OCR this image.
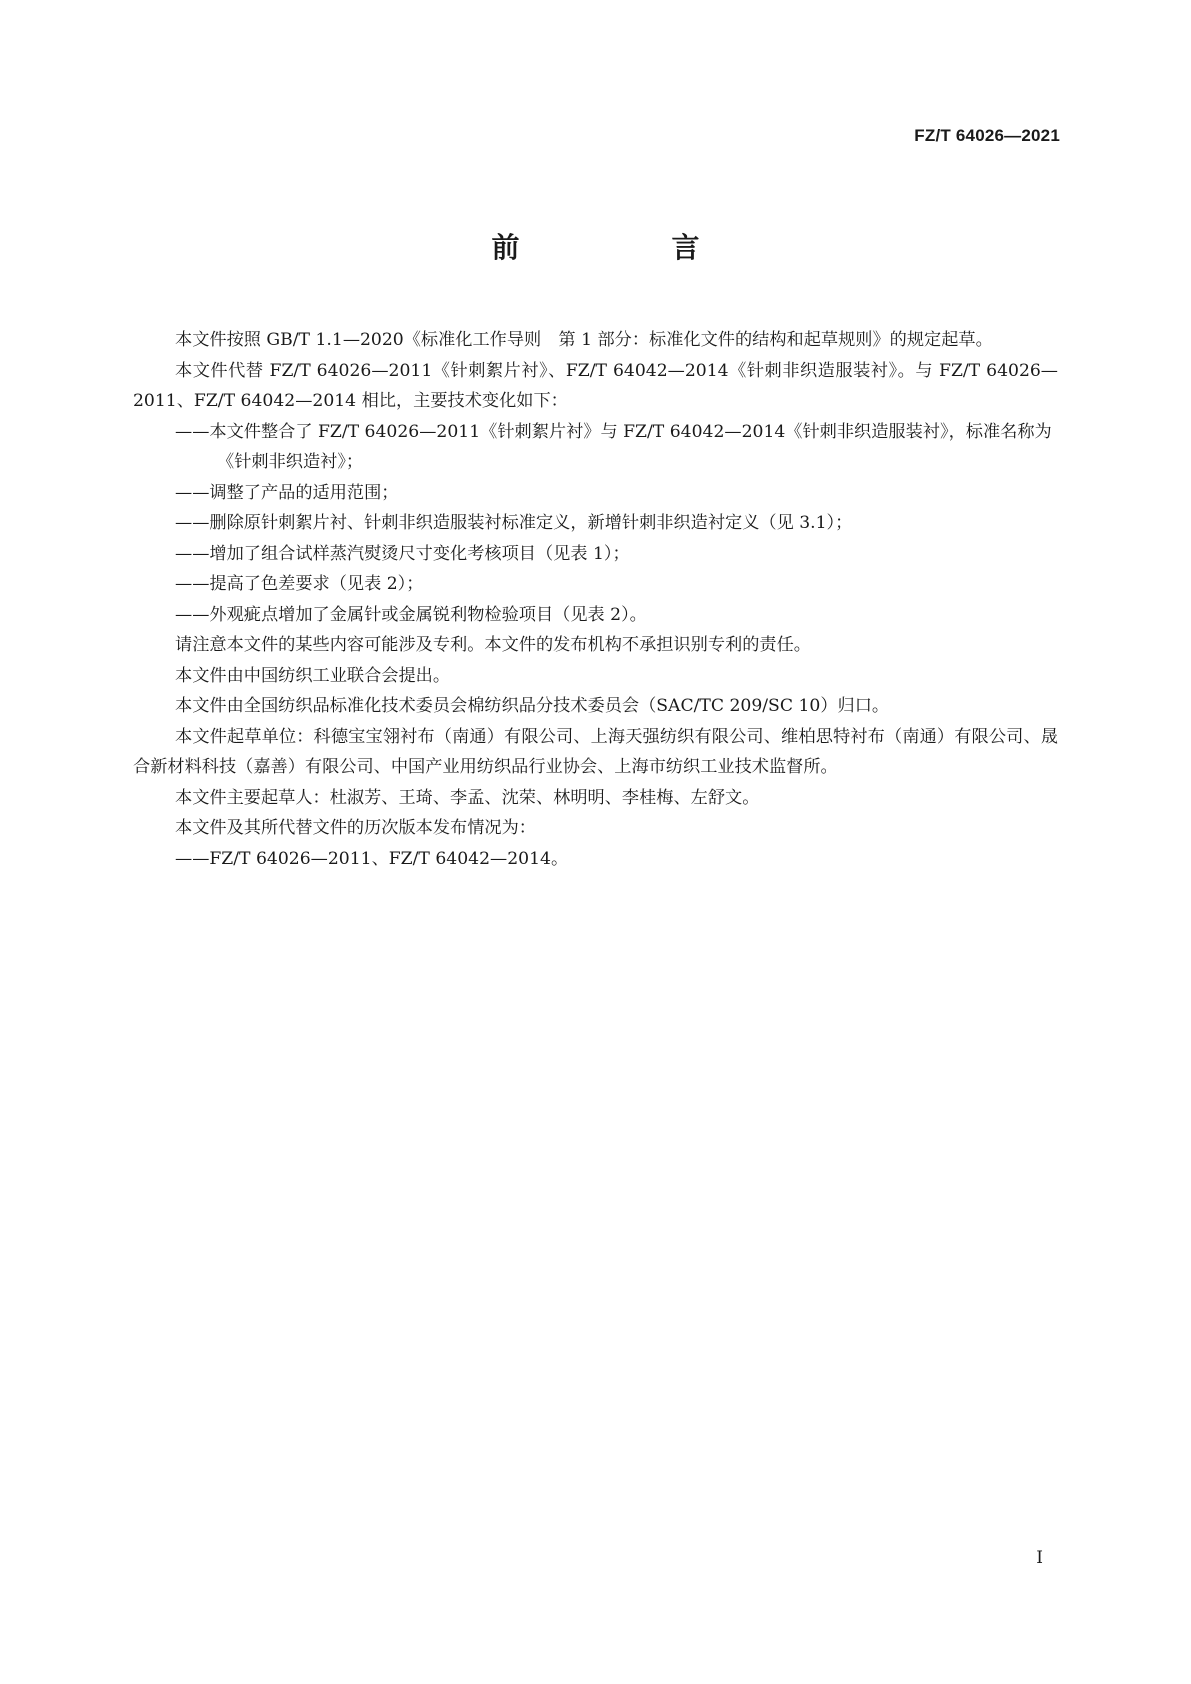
FZ/T 64026—2021
前　言

本文件按照 GB/T 1.1—2020《标准化工作导则　第 1 部分：标准化文件的结构和起草规则》的规定起草。

本文件代替 FZ/T 64026—2011《针刺絮片衬》、FZ/T 64042—2014《针刺非织造服装衬》。与 FZ/T 64026—2011、FZ/T 64042—2014 相比，主要技术变化如下：

——本文件整合了 FZ/T 64026—2011《针刺絮片衬》与 FZ/T 64042—2014《针刺非织造服装衬》，标准名称为《针刺非织造衬》；

——调整了产品的适用范围；

——删除原针刺絮片衬、针刺非织造服装衬标准定义，新增针刺非织造衬定义（见 3.1）；

——增加了组合试样蒸汽熨烫尺寸变化考核项目（见表 1）；

——提高了色差要求（见表 2）；

——外观疵点增加了金属针或金属锐利物检验项目（见表 2）。

请注意本文件的某些内容可能涉及专利。本文件的发布机构不承担识别专利的责任。

本文件由中国纺织工业联合会提出。

本文件由全国纺织品标准化技术委员会棉纺织品分技术委员会（SAC/TC 209/SC 10）归口。

本文件起草单位：科德宝宝翎衬布（南通）有限公司、上海天强纺织有限公司、维柏思特衬布（南通）有限公司、晟合新材料科技（嘉善）有限公司、中国产业用纺织品行业协会、上海市纺织工业技术监督所。

本文件主要起草人：杜淑芳、王琦、李孟、沈荣、林明明、李桂梅、左舒文。

本文件及其所代替文件的历次版本发布情况为：

——FZ/T 64026—2011、FZ/T 64042—2014。

I
